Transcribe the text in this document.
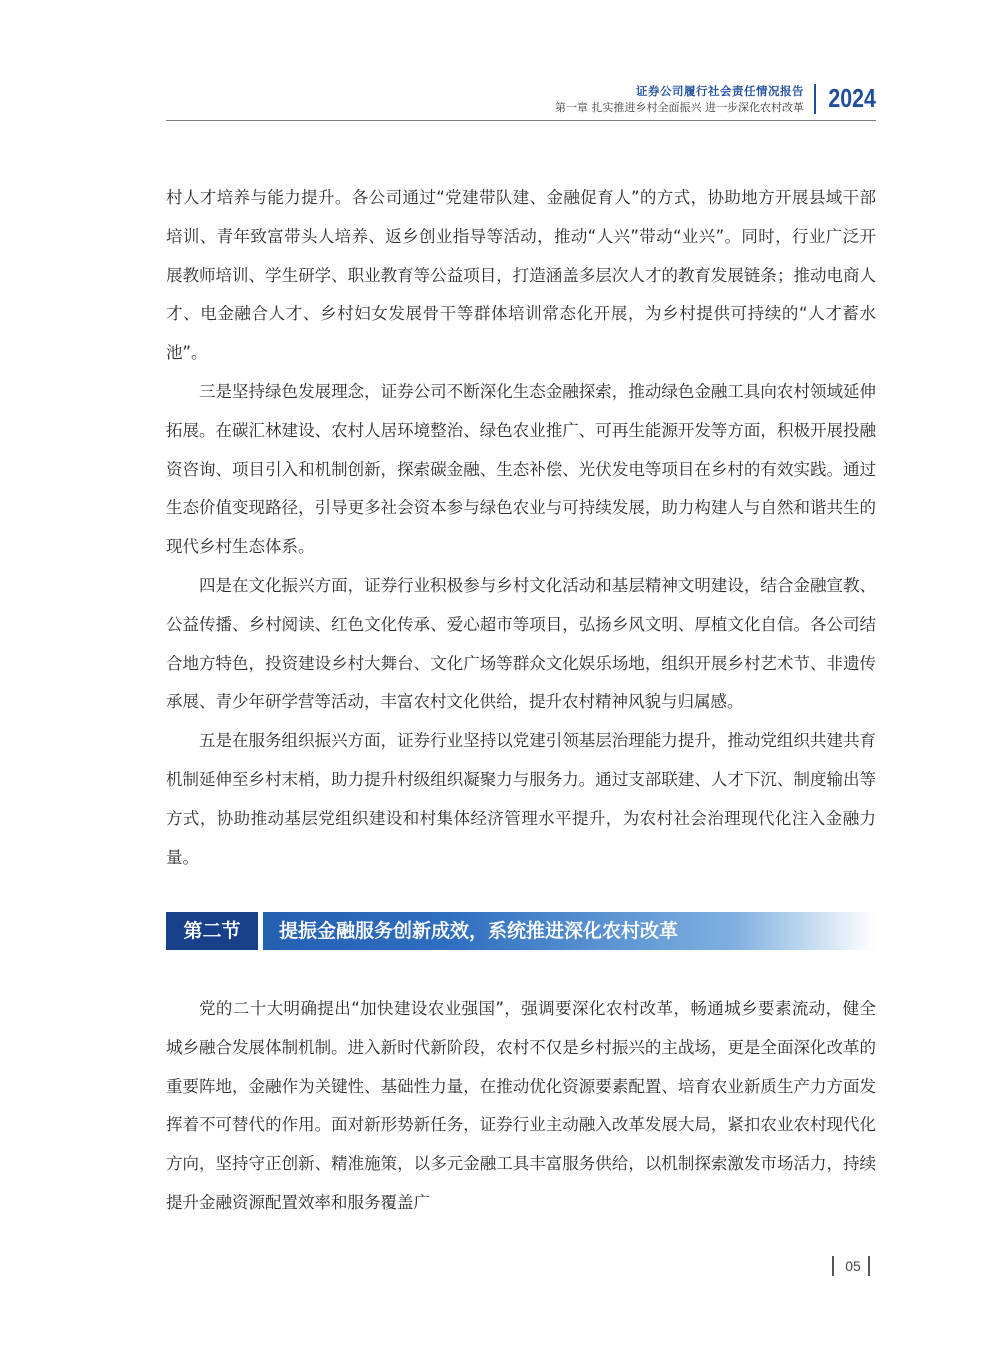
证券公司履行社会责任情况报告
第一章 扎实推进乡村全面振兴 进一步深化农村改革 2024

村人才培养与能力提升。各公司通过“党建带队建、金融促育人”的方式，协助地方开展县域干部培训、青年致富带头人培养、返乡创业指导等活动，推动“人兴”带动“业兴”。同时，行业广泛开展教师培训、学生研学、职业教育等公益项目，打造涵盖多层次人才的教育发展链条；推动电商人才、电金融合人才、乡村妇女发展骨干等群体培训常态化开展，为乡村提供可持续的“人才蓄水池”。

三是坚持绿色发展理念，证券公司不断深化生态金融探索，推动绿色金融工具向农村领域延伸拓展。在碳汇林建设、农村人居环境整治、绿色农业推广、可再生能源开发等方面，积极开展投融资咨询、项目引入和机制创新，探索碳金融、生态补偿、光伏发电等项目在乡村的有效实践。通过生态价值变现路径，引导更多社会资本参与绿色农业与可持续发展，助力构建人与自然和谐共生的现代乡村生态体系。

四是在文化振兴方面，证券行业积极参与乡村文化活动和基层精神文明建设，结合金融宣教、公益传播、乡村阅读、红色文化传承、爱心超市等项目，弘扬乡风文明、厚植文化自信。各公司结合地方特色，投资建设乡村大舞台、文化广场等群众文化娱乐场地，组织开展乡村艺术节、非遗传承展、青少年研学营等活动，丰富农村文化供给，提升农村精神风貌与归属感。

五是在服务组织振兴方面，证券行业坚持以党建引领基层治理能力提升，推动党组织共建共育机制延伸至乡村末梢，助力提升村级组织凝聚力与服务力。通过支部联建、人才下沉、制度输出等方式，协助推动基层党组织建设和村集体经济管理水平提升，为农村社会治理现代化注入金融力量。

第二节	提振金融服务创新成效，系统推进深化农村改革

党的二十大明确提出“加快建设农业强国”，强调要深化农村改革，畅通城乡要素流动，健全城乡融合发展体制机制。进入新时代新阶段，农村不仅是乡村振兴的主战场，更是全面深化改革的重要阵地，金融作为关键性、基础性力量，在推动优化资源要素配置、培育农业新质生产力方面发挥着不可替代的作用。面对新形势新任务，证券行业主动融入改革发展大局，紧扣农业农村现代化方向，坚持守正创新、精准施策，以多元金融工具丰富服务供给，以机制探索激发市场活力，持续提升金融资源配置效率和服务覆盖广

05
